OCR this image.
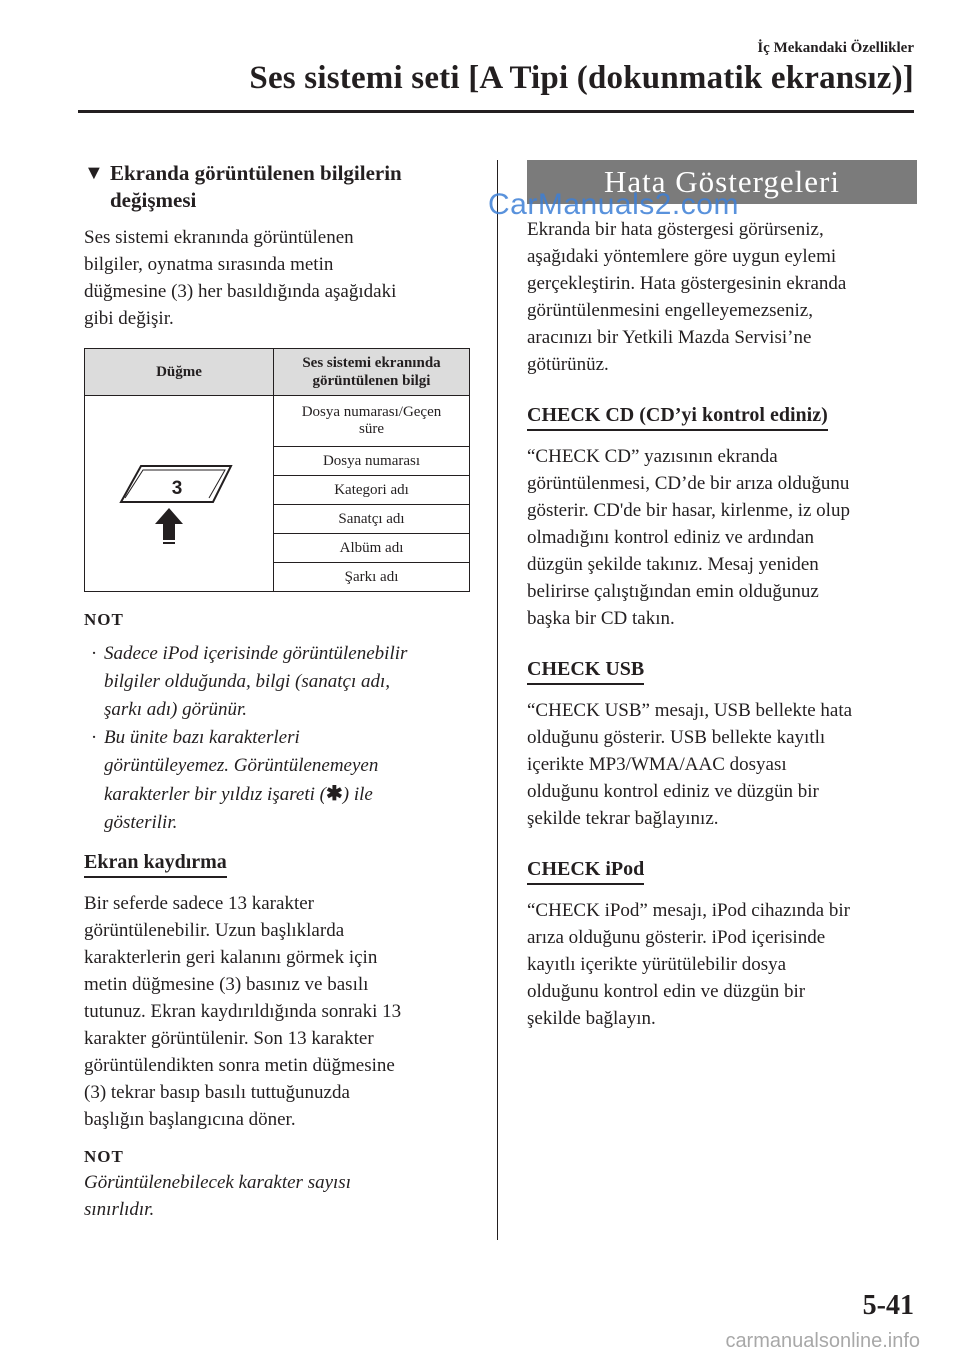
İç Mekandaki Özellikler
Ses sistemi seti [A Tipi (dokunmatik ekransız)]
▼ Ekranda görüntülenen bilgilerin değişmesi

Ses sistemi ekranında görüntülenen
bilgiler, oynatma sırasında metin
düğmesine (3) her basıldığında aşağıdaki
gibi değişir.

Düğme	Ses sistemi ekranında
görüntülenen bilgi

3	Dosya numarası/Geçen
süre
	Dosya numarası
	Kategori adı
	Sanatçı adı
	Albüm adı
	Şarkı adı
NOT
· Sadece iPod içerisinde görüntülenebilir
bilgiler olduğunda, bilgi (sanatçı adı,
şarkı adı) görünür.
· Bu ünite bazı karakterleri
görüntüleyemez. Görüntülenemeyen
karakterler bir yıldız işareti (✱) ile
gösterilir.
Ekran kaydırma

Bir seferde sadece 13 karakter
görüntülenebilir. Uzun başlıklarda
karakterlerin geri kalanını görmek için
metin düğmesine (3) basınız ve basılı
tutunuz. Ekran kaydırıldığında sonraki 13
karakter görüntülenir. Son 13 karakter
görüntülendikten sonra metin düğmesine
(3) tekrar basıp basılı tuttuğunuzda
başlığın başlangıcına döner.

NOT

Görüntülenebilecek karakter sayısı
sınırlıdır.

Hata Göstergeleri

Ekranda bir hata göstergesi görürseniz,
aşağıdaki yöntemlere göre uygun eylemi
gerçekleştirin. Hata göstergesinin ekranda
görüntülenmesini engelleyemezseniz,
aracınızı bir Yetkili Mazda Servisi’ne
götürünüz.

CHECK CD (CD’yi kontrol ediniz)

“CHECK CD” yazısının ekranda
görüntülenmesi, CD’de bir arıza olduğunu
gösterir. CD'de bir hasar, kirlenme, iz olup
olmadığını kontrol ediniz ve ardından
düzgün şekilde takınız. Mesaj yeniden
belirirse çalıştığından emin olduğunuz
başka bir CD takın.

CHECK USB

“CHECK USB” mesajı, USB bellekte hata
olduğunu gösterir. USB bellekte kayıtlı
içerikte MP3/WMA/AAC dosyası
olduğunu kontrol ediniz ve düzgün bir
şekilde tekrar bağlayınız.

CHECK iPod

“CHECK iPod” mesajı, iPod cihazında bir
arıza olduğunu gösterir. iPod içerisinde
kayıtlı içerikte yürütülebilir dosya
olduğunu kontrol edin ve düzgün bir
şekilde bağlayın.

CarManuals2.com
5-41
carmanualsonline.info
